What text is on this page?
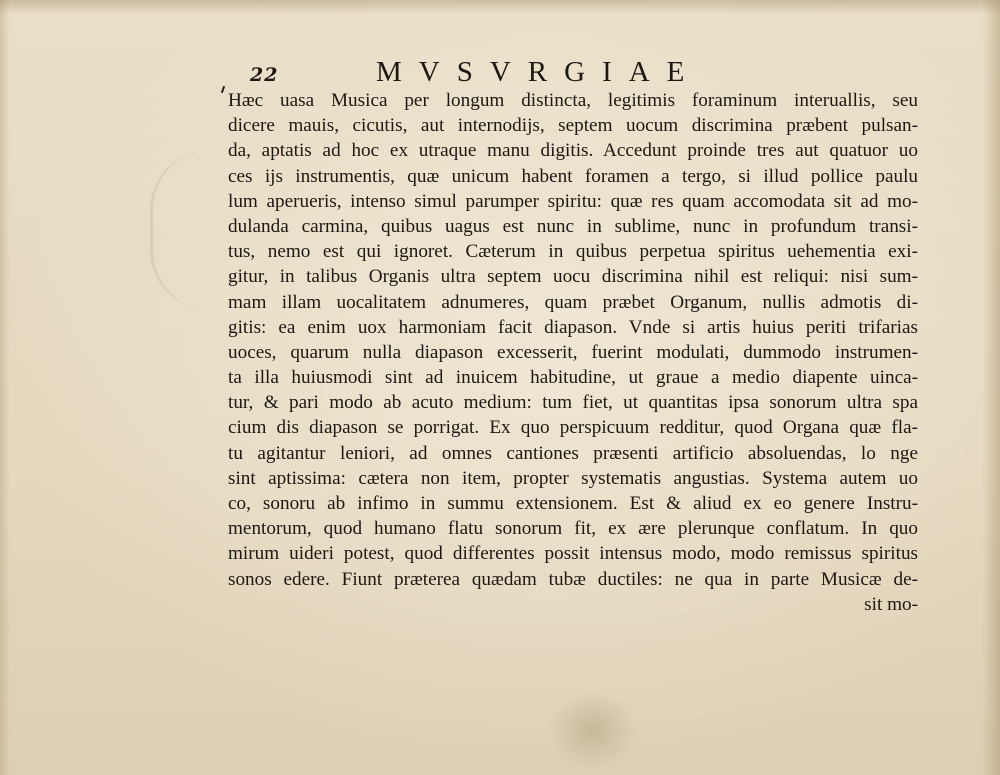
22	MVSVRGIAE
Hæc uasa Musica per longum distincta, legitimis foraminum interuallis, seu
dicere mauis, cicutis, aut internodijs, septem uocum discrimina præbent pulsan-
da, aptatis ad hoc ex utraque manu digitis. Accedunt proinde tres aut quatuor uo
ces ijs instrumentis, quæ unicum habent foramen a tergo, si illud pollice paulu
lum aperueris, intenso simul parumper spiritu: quæ res quam accomodata sit ad mo-
dulanda carmina, quibus uagus est nunc in sublime, nunc in profundum transi-
tus, nemo est qui ignoret. Cæterum in quibus perpetua spiritus uehementia exi-
gitur, in talibus Organis ultra septem uocu discrimina nihil est reliqui: nisi sum-
mam illam uocalitatem adnumeres, quam præbet Organum, nullis admotis di-
gitis: ea enim uox harmoniam facit diapason. Vnde si artis huius periti trifarias
uoces, quarum nulla diapason excesserit, fuerint modulati, dummodo instrumen-
ta illa huiusmodi sint ad inuicem habitudine, ut graue a medio diapente uinca-
tur, & pari modo ab acuto medium: tum fiet, ut quantitas ipsa sonorum ultra spa
cium dis diapason se porrigat. Ex quo perspicuum redditur, quod Organa quæ fla-
tu agitantur leniori, ad omnes cantiones præsenti artificio absoluendas, lo nge
sint aptissima: cætera non item, propter systematis angustias. Systema autem uo
co, sonoru ab infimo in summu extensionem. Est & aliud ex eo genere Instru-
mentorum, quod humano flatu sonorum fit, ex ære plerunque conflatum. In quo
mirum uideri potest, quod differentes possit intensus modo, modo remissus spiritus
sonos edere. Fiunt præterea quædam tubæ ductiles: ne qua in parte Musicæ de-
sit mo-
